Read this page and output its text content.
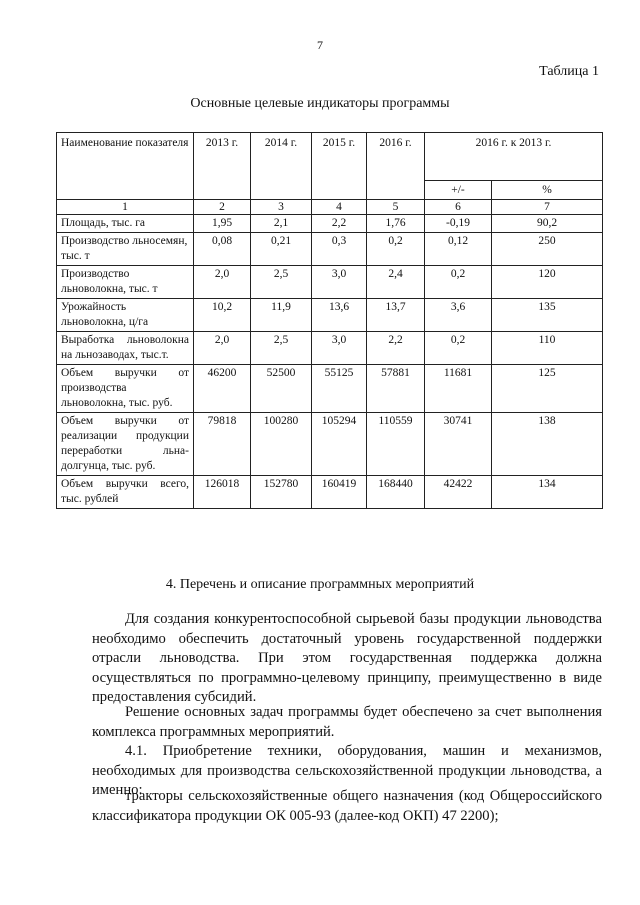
7
Таблица 1
Основные целевые индикаторы программы
Наименование показателя	2013 г.	2014 г.	2015 г.	2016 г.	2016 г. к 2013 г.	
					+/-	%
1	2	3	4	5	6	7
Площадь, тыс. га	1,95	2,1	2,2	1,76	-0,19	90,2
Производство льносемян, тыс. т	0,08	0,21	0,3	0,2	0,12	250
Производство льноволокна, тыс. т	2,0	2,5	3,0	2,4	0,2	120
Урожайность льноволокна, ц/га	10,2	11,9	13,6	13,7	3,6	135
Выработка льноволокна на льнозаводах, тыс.т.	2,0	2,5	3,0	2,2	0,2	110
Объем выручки от производства льноволокна, тыс. руб.	46200	52500	55125	57881	11681	125
Объем выручки от реализации продукции переработки льна-долгунца, тыс. руб.	79818	100280	105294	110559	30741	138
Объем выручки всего, тыс. рублей	126018	152780	160419	168440	42422	134
4. Перечень и описание программных мероприятий
Для создания конкурентоспособной сырьевой базы продукции льноводства необходимо обеспечить достаточный уровень государственной поддержки отрасли льноводства. При этом государственная поддержка должна осуществляться по программно-целевому принципу, преимущественно в виде предоставления субсидий.
Решение основных задач программы будет обеспечено за счет выполнения комплекса программных мероприятий.
4.1. Приобретение техники, оборудования, машин и механизмов, необходимых для производства сельскохозяйственной продукции льноводства, а именно:
тракторы сельскохозяйственные общего назначения (код Общероссийского классификатора продукции ОК 005-93 (далее-код ОКП) 47 2200);
